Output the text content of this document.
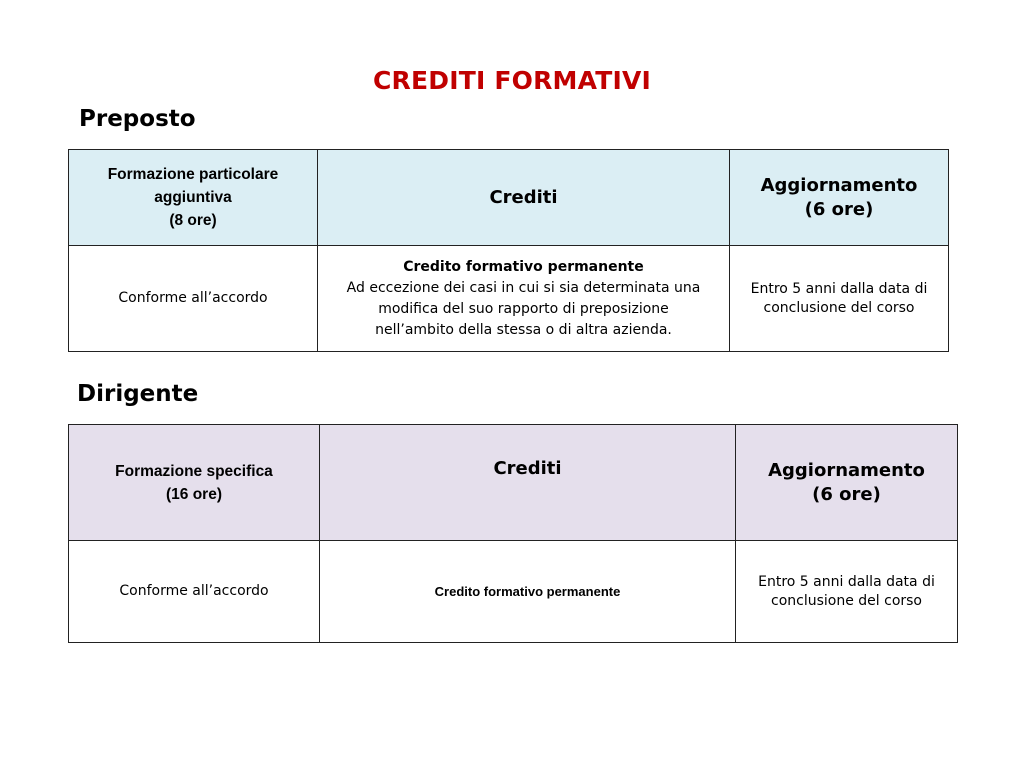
CREDITI FORMATIVI
Preposto
Formazione particolare
aggiuntiva
(8 ore)	Crediti	Aggiornamento
(6 ore)

Conforme all’accordo	Credito formativo permanente
Ad eccezione dei casi in cui si sia determinata una
modifica del suo rapporto di preposizione
nell’ambito della stessa o di altra azienda.	Entro 5 anni dalla data di
conclusione del corso
Dirigente
Formazione specifica
(16 ore)	Crediti	Aggiornamento
(6 ore)

Conforme all’accordo	Credito formativo permanente	Entro 5 anni dalla data di
conclusione del corso
